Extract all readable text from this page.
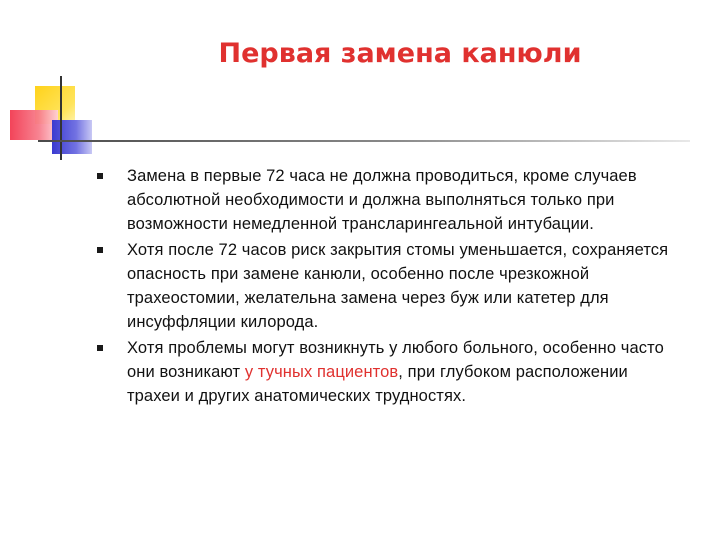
Первая замена канюли
Замена в первые 72 часа не должна проводиться, кроме случаев абсолютной необходимости и должна выполняться только при возможности немедленной транcларингеальной интубации.
Хотя после 72 часов риск закрытия стомы уменьшается, сохраняется опасность при замене канюли, особенно после чрезкожной трахеостомии, желательна замена через буж или катетер для инсуффляции килорода.
Хотя проблемы могут возникнуть у любого больного, особенно часто они возникают у тучных пациентов, при глубоком расположении трахеи и других анатомических трудностях.
